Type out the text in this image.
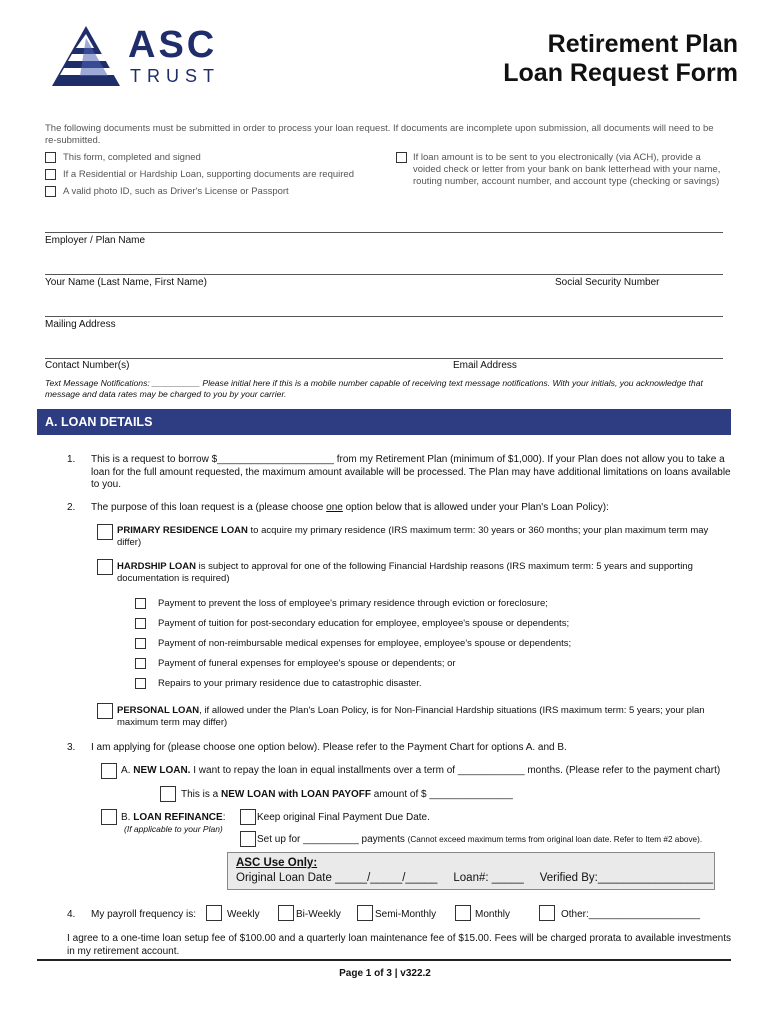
ASC
TRUST
Retirement Plan
Loan Request Form
The following documents must be submitted in order to process your loan request. If documents are incomplete upon submission, all documents will need to be re-submitted.
This form, completed and signed
If a Residential or Hardship Loan, supporting documents are required
A valid photo ID, such as Driver's License or Passport
If loan amount is to be sent to you electronically (via ACH), provide a voided check or letter from your bank on bank letterhead with your name, routing number, account number, and account type (checking or savings)
Employer / Plan Name
Your Name (Last Name, First Name)	Social Security Number
Mailing Address
Contact Number(s)	Email Address
Text Message Notifications: __________ Please initial here if this is a mobile number capable of receiving text message notifications. With your initials, you acknowledge that message and data rates may be charged to you by your carrier.
A. LOAN DETAILS
1. This is a request to borrow $_____________________ from my Retirement Plan (minimum of $1,000). If your Plan does not allow you to take a loan for the full amount requested, the maximum amount available will be processed. The Plan may have additional limitations on loans available to you.
2. The purpose of this loan request is a (please choose one option below that is allowed under your Plan's Loan Policy):
PRIMARY RESIDENCE LOAN to acquire my primary residence (IRS maximum term: 30 years or 360 months; your plan maximum term may differ)
HARDSHIP LOAN is subject to approval for one of the following Financial Hardship reasons (IRS maximum term: 5 years and supporting documentation is required)
Payment to prevent the loss of employee's primary residence through eviction or foreclosure;
Payment of tuition for post-secondary education for employee, employee's spouse or dependents;
Payment of non-reimbursable medical expenses for employee, employee's spouse or dependents;
Payment of funeral expenses for employee's spouse or dependents; or
Repairs to your primary residence due to catastrophic disaster.
PERSONAL LOAN, if allowed under the Plan's Loan Policy, is for Non-Financial Hardship situations (IRS maximum term: 5 years; your plan maximum term may differ)
3. I am applying for (please choose one option below). Please refer to the Payment Chart for options A. and B.
A. NEW LOAN. I want to repay the loan in equal installments over a term of ____________ months. (Please refer to the payment chart)
This is a NEW LOAN with LOAN PAYOFF amount of $ _______________
B. LOAN REFINANCE:
(If applicable to your Plan)
Keep original Final Payment Due Date.
Set up for __________ payments (Cannot exceed maximum terms from original loan date. Refer to Item #2 above).
ASC Use Only:
Original Loan Date _____/_____/_____     Loan#: _____     Verified By:__________________
4. My payroll frequency is:	Weekly	Bi-Weekly	Semi-Monthly	Monthly	Other:____________________
I agree to a one-time loan setup fee of $100.00 and a quarterly loan maintenance fee of $15.00. Fees will be charged prorata to available investments in my retirement account.
Page 1 of 3 | v322.2
